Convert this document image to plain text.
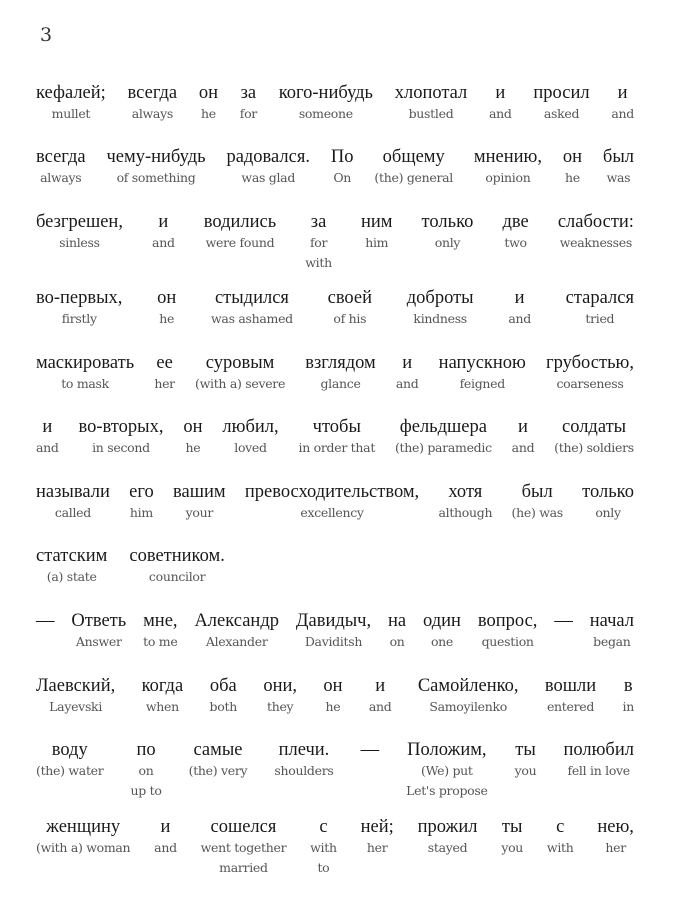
3
кефалей;
mullet
всегда
always
он
he
за
for
кого-нибудь
someone
хлопотал
bustled
и
and
просил
asked
и
and
всегда
always
чему-нибудь
of something
радовался.
was glad
По
On
общему
(the) general
мнению,
opinion
он
he
был
was
безгрешен,
sinless
и
and
водились
were found
за
for
with
ним
him
только
only
две
two
слабости:
weaknesses
во-первых,
firstly
он
he
стыдился
was ashamed
своей
of his
доброты
kindness
и
and
старался
tried
маскировать
to mask
ее
her
суровым
(with a) severe
взглядом
glance
и
and
напускною
feigned
грубостью,
coarseness
и
and
во-вторых,
in second
он
he
любил,
loved
чтобы
in order that
фельдшера
(the) paramedic
и
and
солдаты
(the) soldiers
называли
called
его
him
вашим
your
превосходительством,
excellency
хотя
although
был
(he) was
только
only
статским
(a) state
советником.
councilor
—
Ответь
Answer
мне,
to me
Александр
Alexander
Давидыч,
Daviditsh
на
on
один
one
вопрос,
question
—
начал
began
Лаевский,
Layevski
когда
when
оба
both
они,
they
он
he
и
and
Самойленко,
Samoyilenko
вошли
entered
в
in
воду
(the) water
по
on
up to
самые
(the) very
плечи.
shoulders
—
Положим,
(We) put
Let's propose
ты
you
полюбил
fell in love
женщину
(with a) woman
и
and
сошелся
went together
married
с
with
to
ней;
her
прожил
stayed
ты
you
с
with
нею,
her
